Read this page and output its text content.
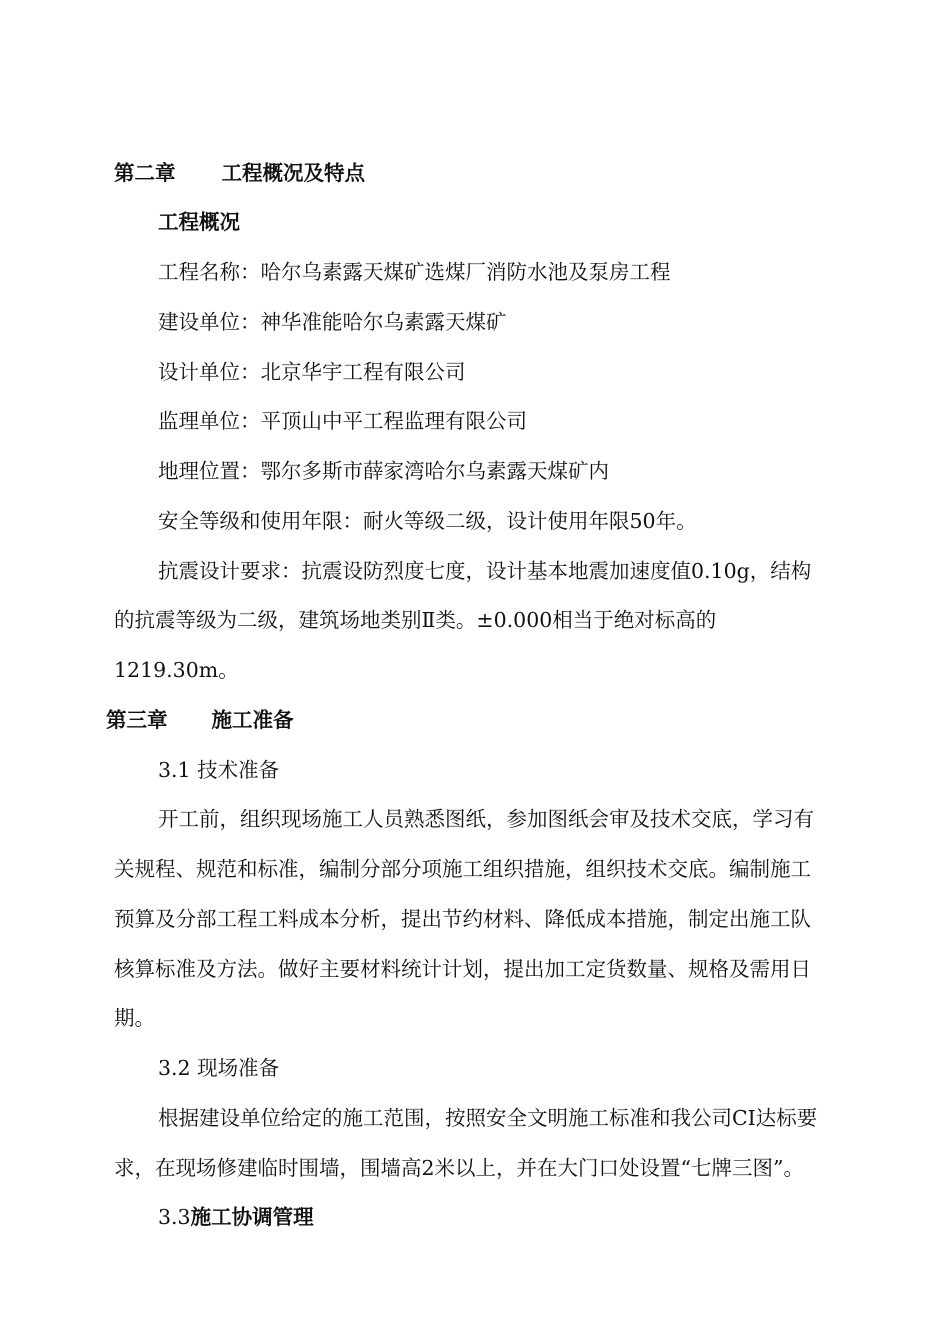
第二章 工程概况及特点
工程概况
工程名称：哈尔乌素露天煤矿选煤厂消防水池及泵房工程
建设单位：神华准能哈尔乌素露天煤矿
设计单位：北京华宇工程有限公司
监理单位：平顶山中平工程监理有限公司
地理位置：鄂尔多斯市薛家湾哈尔乌素露天煤矿内
安全等级和使用年限：耐火等级二级，设计使用年限50年。
抗震设计要求：抗震设防烈度七度，设计基本地震加速度值0.10g，结构
的抗震等级为二级，建筑场地类别Ⅱ类。±0.000相当于绝对标高的
1219.30m。
第三章 施工准备
3.1 技术准备
开工前，组织现场施工人员熟悉图纸，参加图纸会审及技术交底，学习有
关规程、规范和标准，编制分部分项施工组织措施，组织技术交底。编制施工
预算及分部工程工料成本分析，提出节约材料、降低成本措施，制定出施工队
核算标准及方法。做好主要材料统计计划，提出加工定货数量、规格及需用日
期。
3.2 现场准备
根据建设单位给定的施工范围，按照安全文明施工标准和我公司CI达标要
求，在现场修建临时围墙，围墙高2米以上，并在大门口处设置“七牌三图”。
3.3施工协调管理
